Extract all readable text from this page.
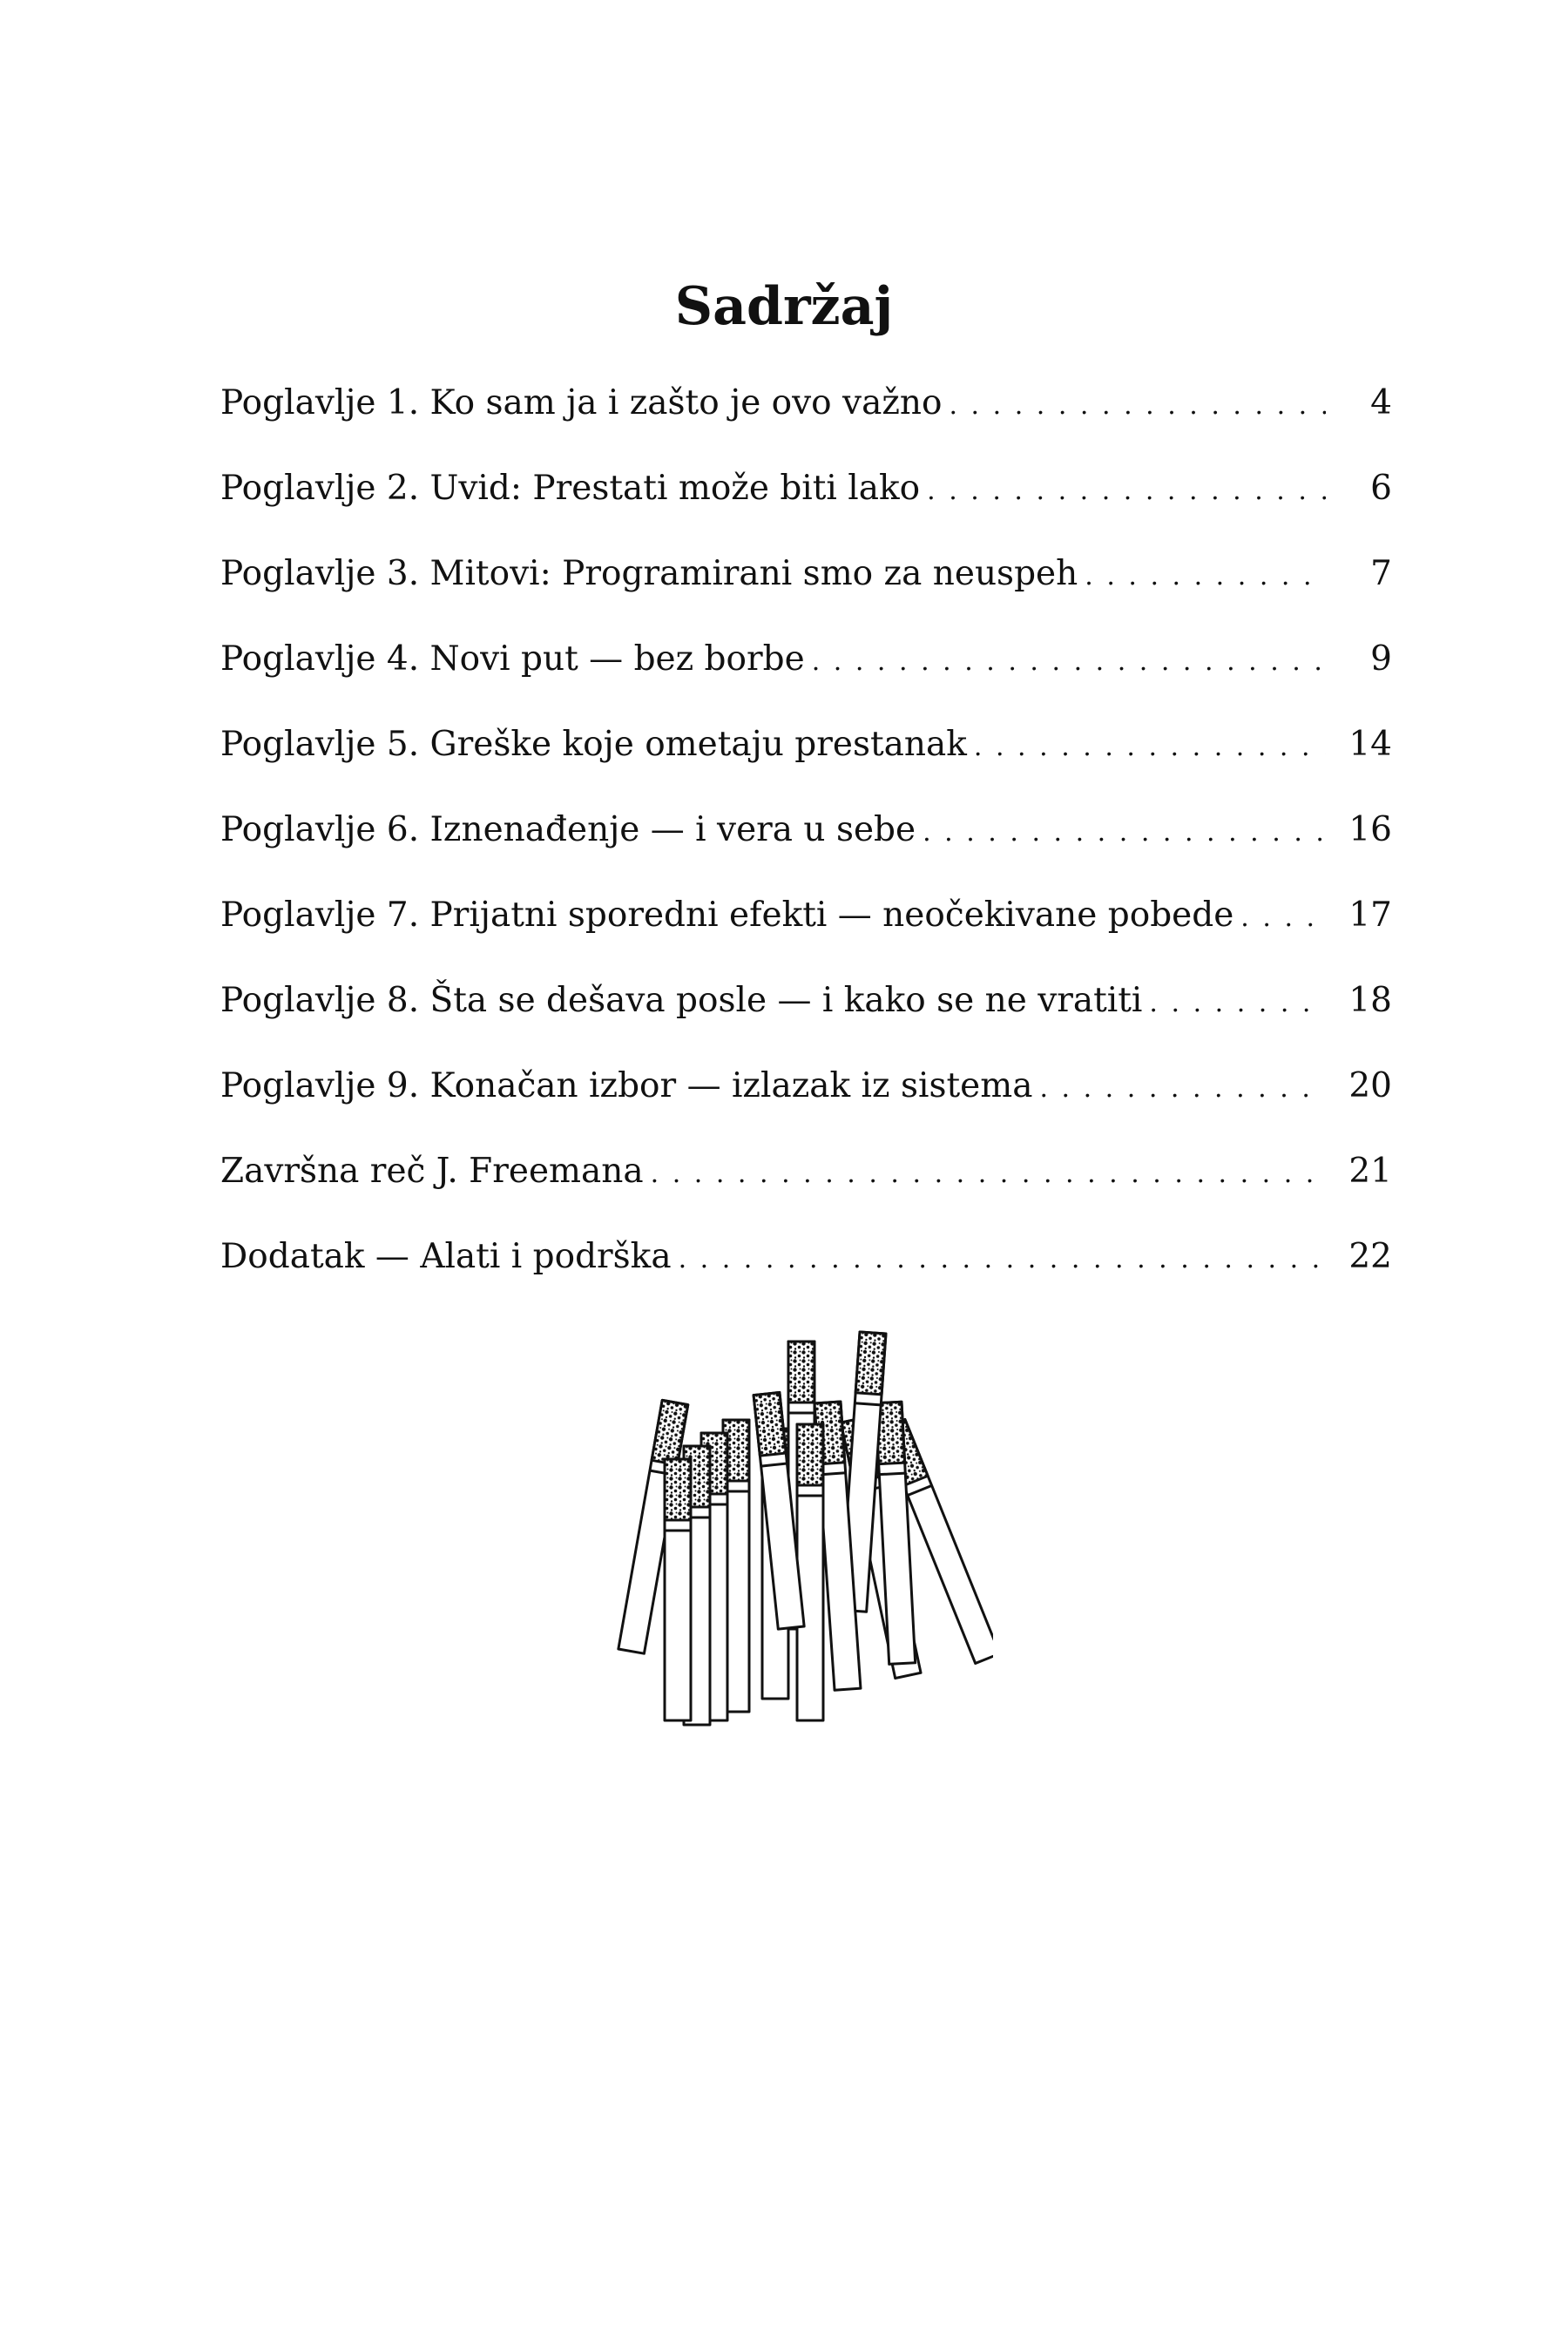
Sadržaj
Poglavlje 1. Ko sam ja i zašto je ovo važno . . .	4
Poglavlje 2. Uvid: Prestati može biti lako . . .	6
Poglavlje 3. Mitovi: Programirani smo za neuspeh . . .	7
Poglavlje 4. Novi put — bez borbe . . .	9
Poglavlje 5. Greške koje ometaju prestanak . . .	14
Poglavlje 6. Iznenađenje — i vera u sebe . . .	16
Poglavlje 7. Prijatni sporedni efekti — neočekivane pobede . . .	17
Poglavlje 8. Šta se dešava posle — i kako se ne vratiti . . .	18
Poglavlje 9. Konačan izbor — izlazak iz sistema . . .	20
Završna reč J. Freemana . . .	21
Dodatak — Alati i podrška . . .	22
